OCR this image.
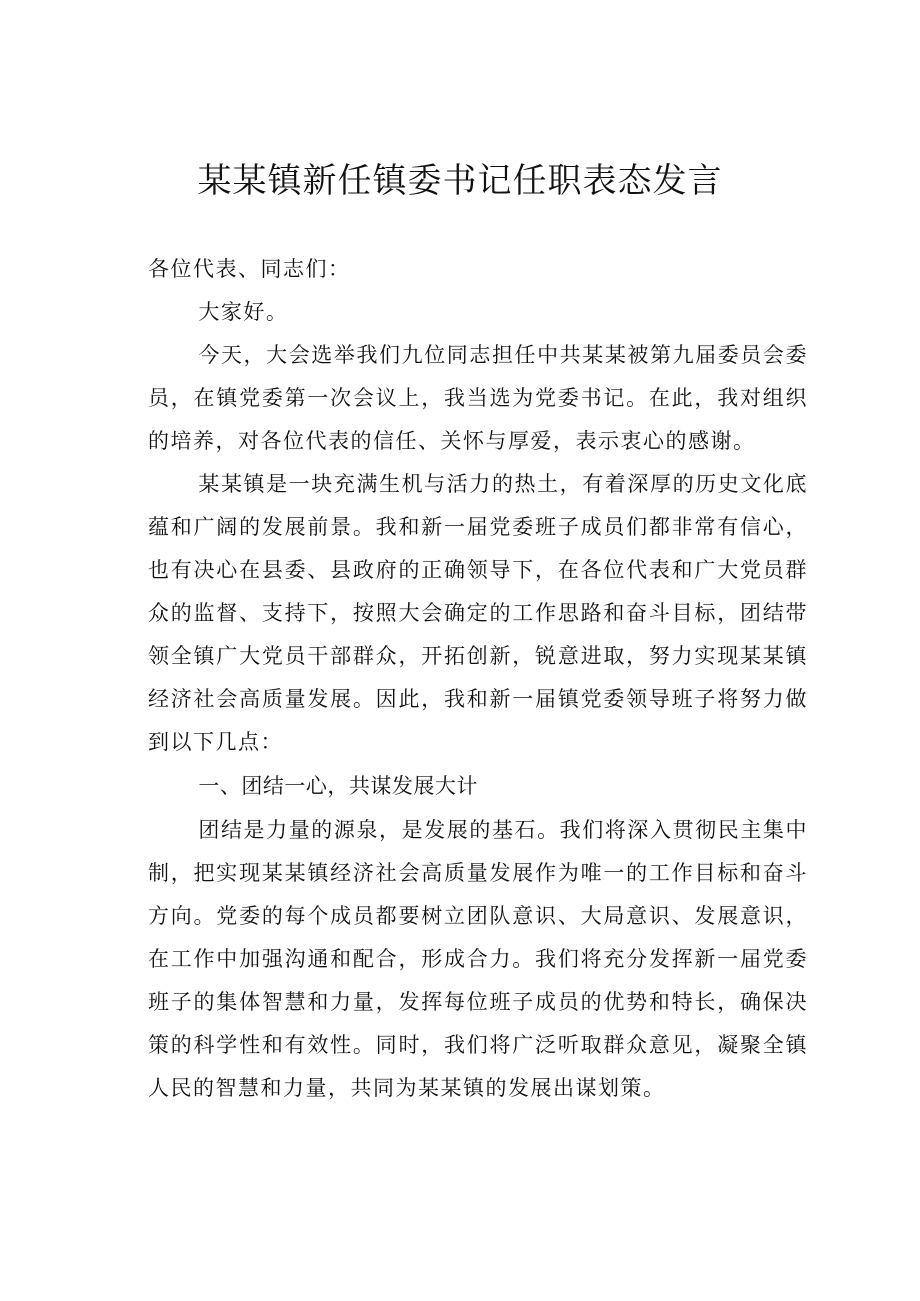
某某镇新任镇委书记任职表态发言

各位代表、同志们：

大家好。

今天，大会选举我们九位同志担任中共某某被第九届委员会委员，在镇党委第一次会议上，我当选为党委书记。在此，我对组织的培养，对各位代表的信任、关怀与厚爱，表示衷心的感谢。

某某镇是一块充满生机与活力的热土，有着深厚的历史文化底蕴和广阔的发展前景。我和新一届党委班子成员们都非常有信心，也有决心在县委、县政府的正确领导下，在各位代表和广大党员群众的监督、支持下，按照大会确定的工作思路和奋斗目标，团结带领全镇广大党员干部群众，开拓创新，锐意进取，努力实现某某镇经济社会高质量发展。因此，我和新一届镇党委领导班子将努力做到以下几点：

一、团结一心，共谋发展大计

团结是力量的源泉，是发展的基石。我们将深入贯彻民主集中制，把实现某某镇经济社会高质量发展作为唯一的工作目标和奋斗方向。党委的每个成员都要树立团队意识、大局意识、发展意识，在工作中加强沟通和配合，形成合力。我们将充分发挥新一届党委班子的集体智慧和力量，发挥每位班子成员的优势和特长，确保决策的科学性和有效性。同时，我们将广泛听取群众意见，凝聚全镇人民的智慧和力量，共同为某某镇的发展出谋划策。
